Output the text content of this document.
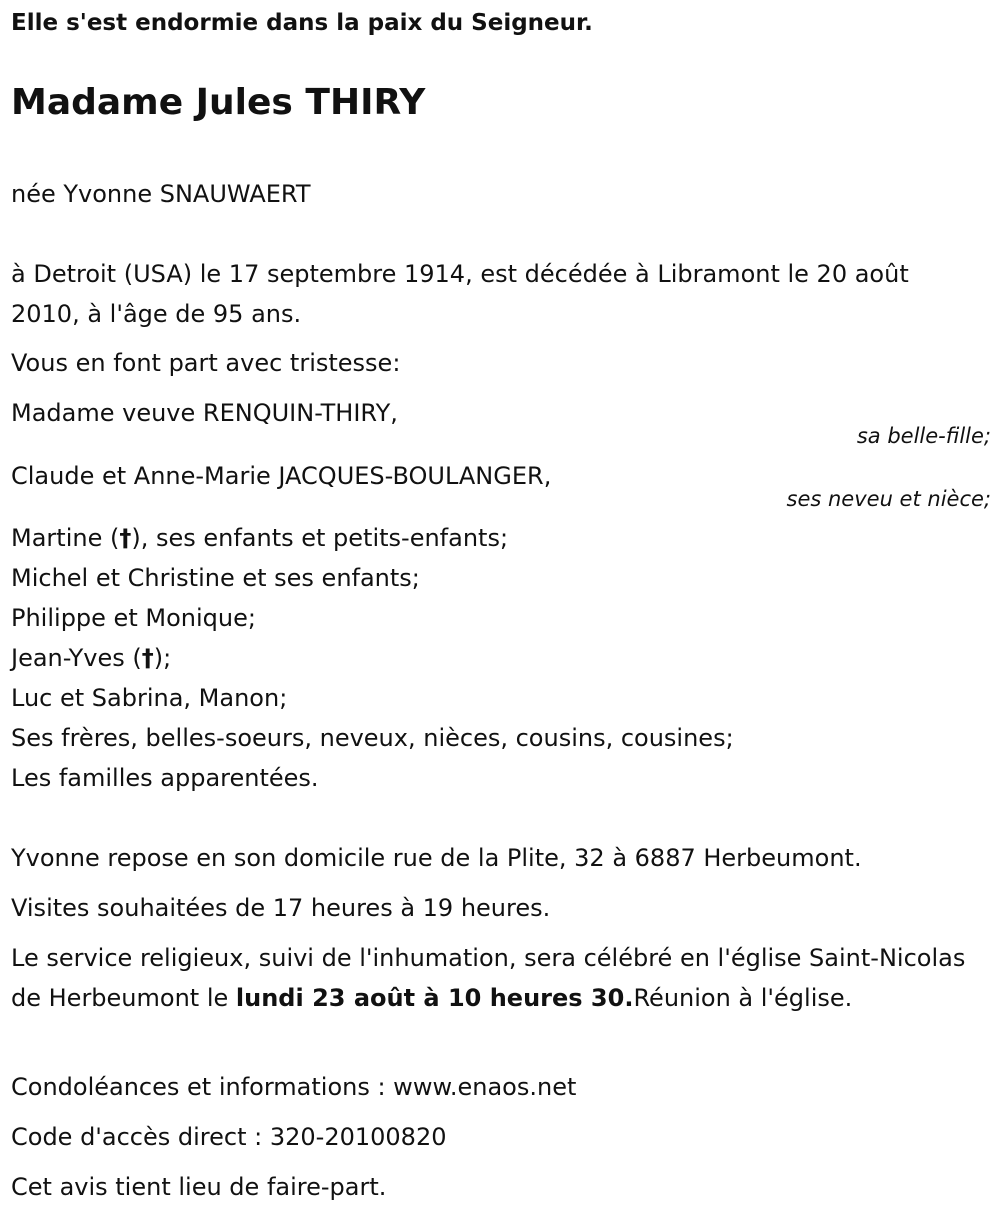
Elle s'est endormie dans la paix du Seigneur.
Madame Jules THIRY
née Yvonne SNAUWAERT
à Detroit (USA) le 17 septembre 1914, est décédée à Libramont le 20 août 2010, à l'âge de 95 ans.
Vous en font part avec tristesse:
Madame veuve RENQUIN-THIRY,
sa belle-fille;
Claude et Anne-Marie JACQUES-BOULANGER,
ses neveu et nièce;
Martine (†), ses enfants et petits-enfants;
Michel et Christine et ses enfants;
Philippe et Monique;
Jean-Yves (†);
Luc et Sabrina, Manon;
Ses frères, belles-soeurs, neveux, nièces, cousins, cousines;
Les familles apparentées.
Yvonne repose en son domicile rue de la Plite, 32 à 6887 Herbeumont.
Visites souhaitées de 17 heures à 19 heures.
Le service religieux, suivi de l'inhumation, sera célébré en l'église Saint-Nicolas de Herbeumont le lundi 23 août à 10 heures 30.Réunion à l'église.
Condoléances et informations : www.enaos.net
Code d'accès direct : 320-20100820
Cet avis tient lieu de faire-part.
